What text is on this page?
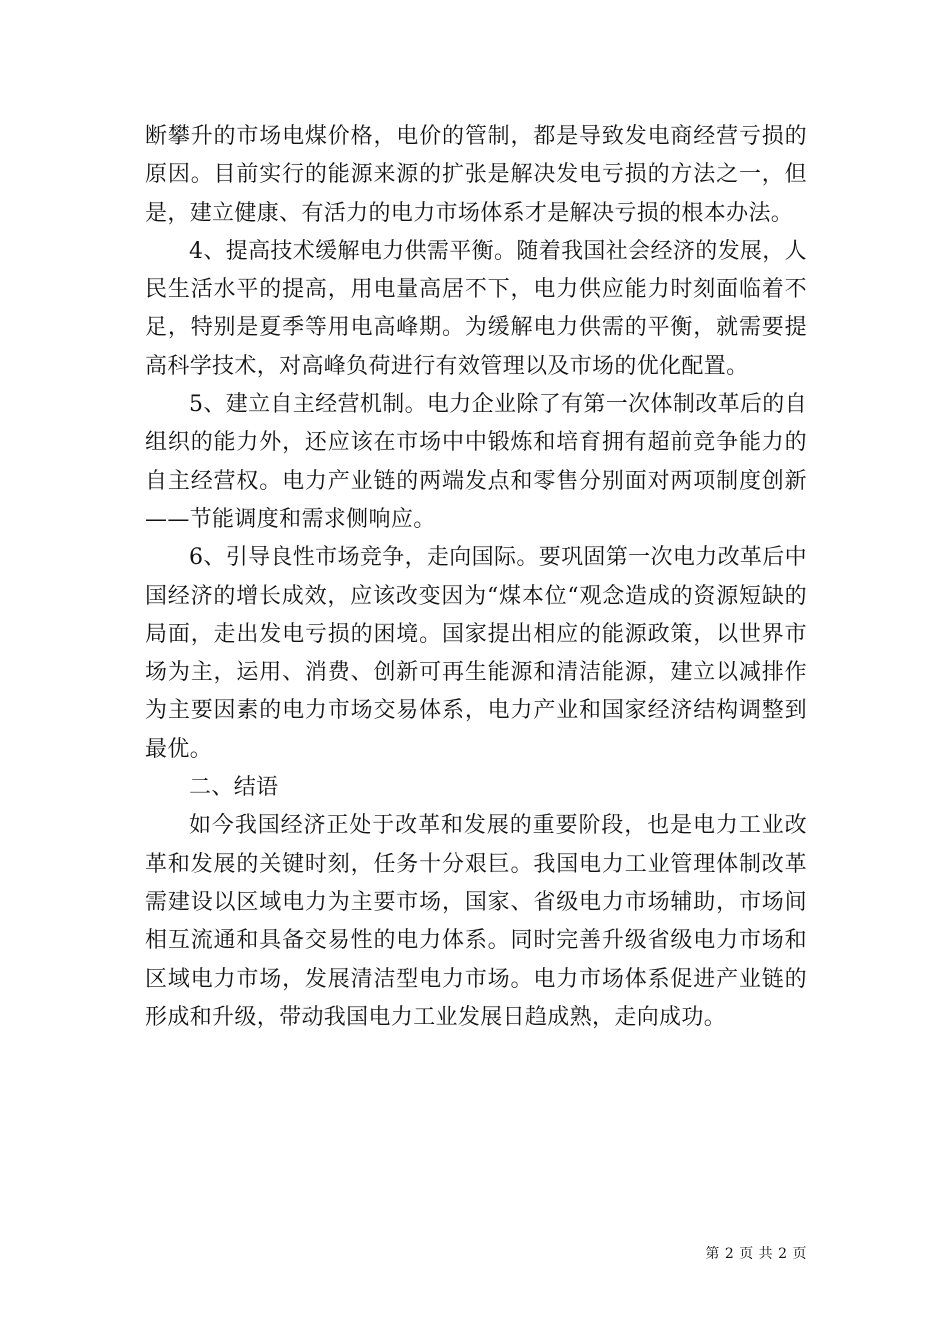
断攀升的市场电煤价格，电价的管制，都是导致发电商经营亏损的原因。目前实行的能源来源的扩张是解决发电亏损的方法之一，但是，建立健康、有活力的电力市场体系才是解决亏损的根本办法。

4、提高技术缓解电力供需平衡。随着我国社会经济的发展，人民生活水平的提高，用电量高居不下，电力供应能力时刻面临着不足，特别是夏季等用电高峰期。为缓解电力供需的平衡，就需要提高科学技术，对高峰负荷进行有效管理以及市场的优化配置。

5、建立自主经营机制。电力企业除了有第一次体制改革后的自组织的能力外，还应该在市场中中锻炼和培育拥有超前竞争能力的自主经营权。电力产业链的两端发点和零售分别面对两项制度创新——节能调度和需求侧响应。

6、引导良性市场竞争，走向国际。要巩固第一次电力改革后中国经济的增长成效，应该改变因为“煤本位“观念造成的资源短缺的局面，走出发电亏损的困境。国家提出相应的能源政策，以世界市场为主，运用、消费、创新可再生能源和清洁能源，建立以减排作为主要因素的电力市场交易体系，电力产业和国家经济结构调整到最优。

二、结语

如今我国经济正处于改革和发展的重要阶段，也是电力工业改革和发展的关键时刻，任务十分艰巨。我国电力工业管理体制改革需建设以区域电力为主要市场，国家、省级电力市场辅助，市场间相互流通和具备交易性的电力体系。同时完善升级省级电力市场和区域电力市场，发展清洁型电力市场。电力市场体系促进产业链的形成和升级，带动我国电力工业发展日趋成熟，走向成功。

第 2 页 共 2 页
